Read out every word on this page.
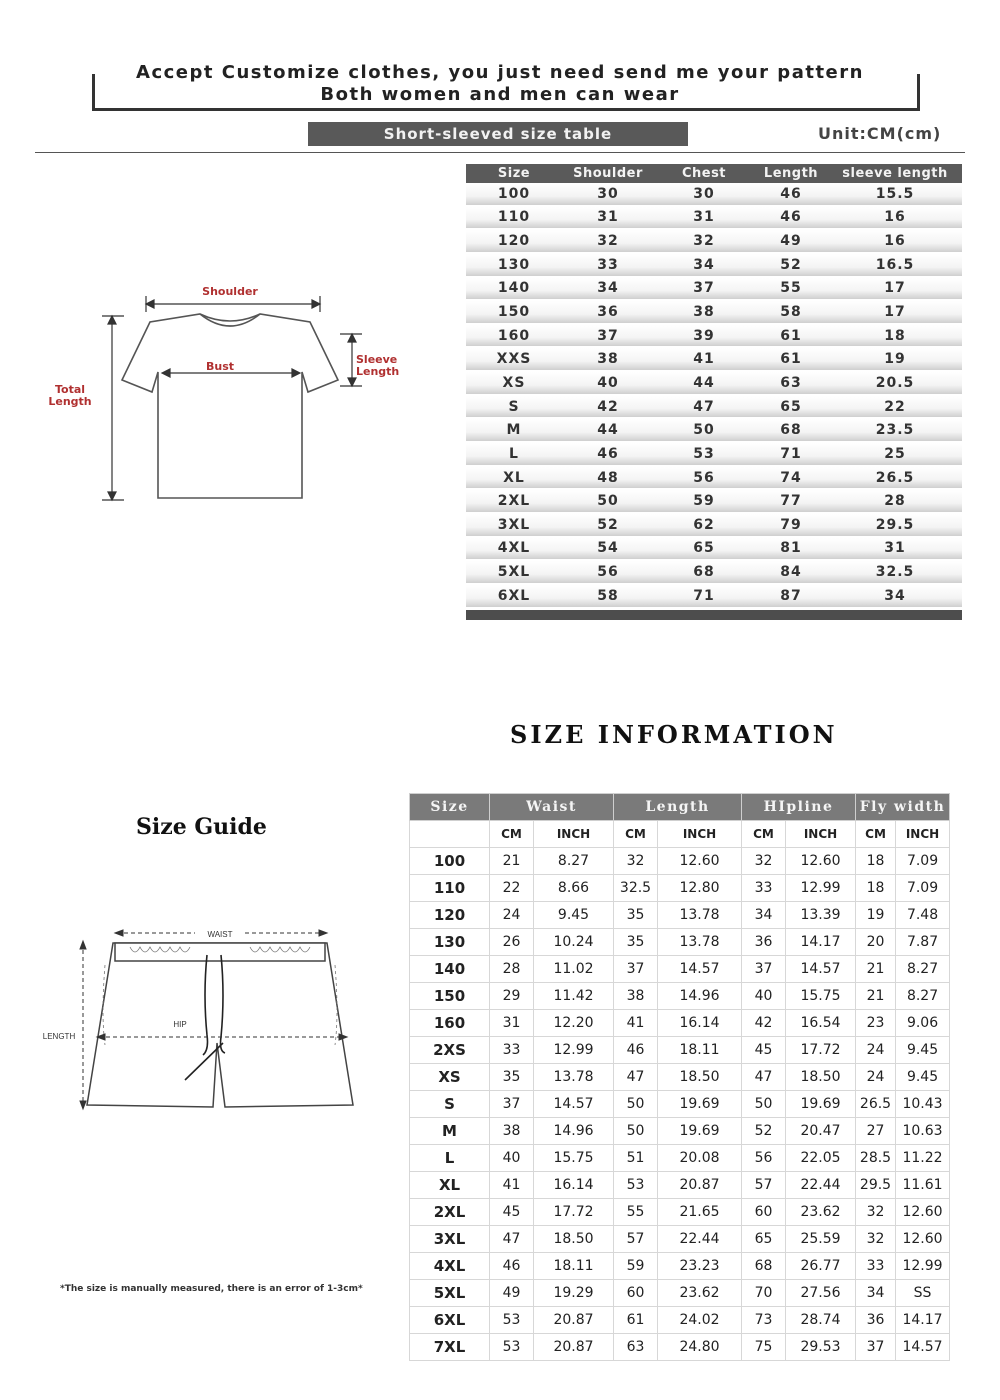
Accept Customize clothes, you just need send me your pattern
Both women and men can wear
Short-sleeved size table	Unit:CM(cm)
Shoulder
Bust
Sleeve
Length
Total
Length
Size	Shoulder	Chest	Length	sleeve length
100	30	30	46	15.5
110	31	31	46	16
120	32	32	49	16
130	33	34	52	16.5
140	34	37	55	17
150	36	38	58	17
160	37	39	61	18
XXS	38	41	61	19
XS	40	44	63	20.5
S	42	47	65	22
M	44	50	68	23.5
L	46	53	71	25
XL	48	56	74	26.5
2XL	50	59	77	28
3XL	52	62	79	29.5
4XL	54	65	81	31
5XL	56	68	84	32.5
6XL	58	71	87	34
SIZE INFORMATION
Size Guide
WAIST
HIP
LENGTH
*The size is manually measured, there is an error of 1-3cm*
Size	Waist		Length		HIpline		Fly width	
	CM	INCH	CM	INCH	CM	INCH	CM	INCH
100	21	8.27	32	12.60	32	12.60	18	7.09
110	22	8.66	32.5	12.80	33	12.99	18	7.09
120	24	9.45	35	13.78	34	13.39	19	7.48
130	26	10.24	35	13.78	36	14.17	20	7.87
140	28	11.02	37	14.57	37	14.57	21	8.27
150	29	11.42	38	14.96	40	15.75	21	8.27
160	31	12.20	41	16.14	42	16.54	23	9.06
2XS	33	12.99	46	18.11	45	17.72	24	9.45
XS	35	13.78	47	18.50	47	18.50	24	9.45
S	37	14.57	50	19.69	50	19.69	26.5	10.43
M	38	14.96	50	19.69	52	20.47	27	10.63
L	40	15.75	51	20.08	56	22.05	28.5	11.22
XL	41	16.14	53	20.87	57	22.44	29.5	11.61
2XL	45	17.72	55	21.65	60	23.62	32	12.60
3XL	47	18.50	57	22.44	65	25.59	32	12.60
4XL	46	18.11	59	23.23	68	26.77	33	12.99
5XL	49	19.29	60	23.62	70	27.56	34	SS
6XL	53	20.87	61	24.02	73	28.74	36	14.17
7XL	53	20.87	63	24.80	75	29.53	37	14.57
